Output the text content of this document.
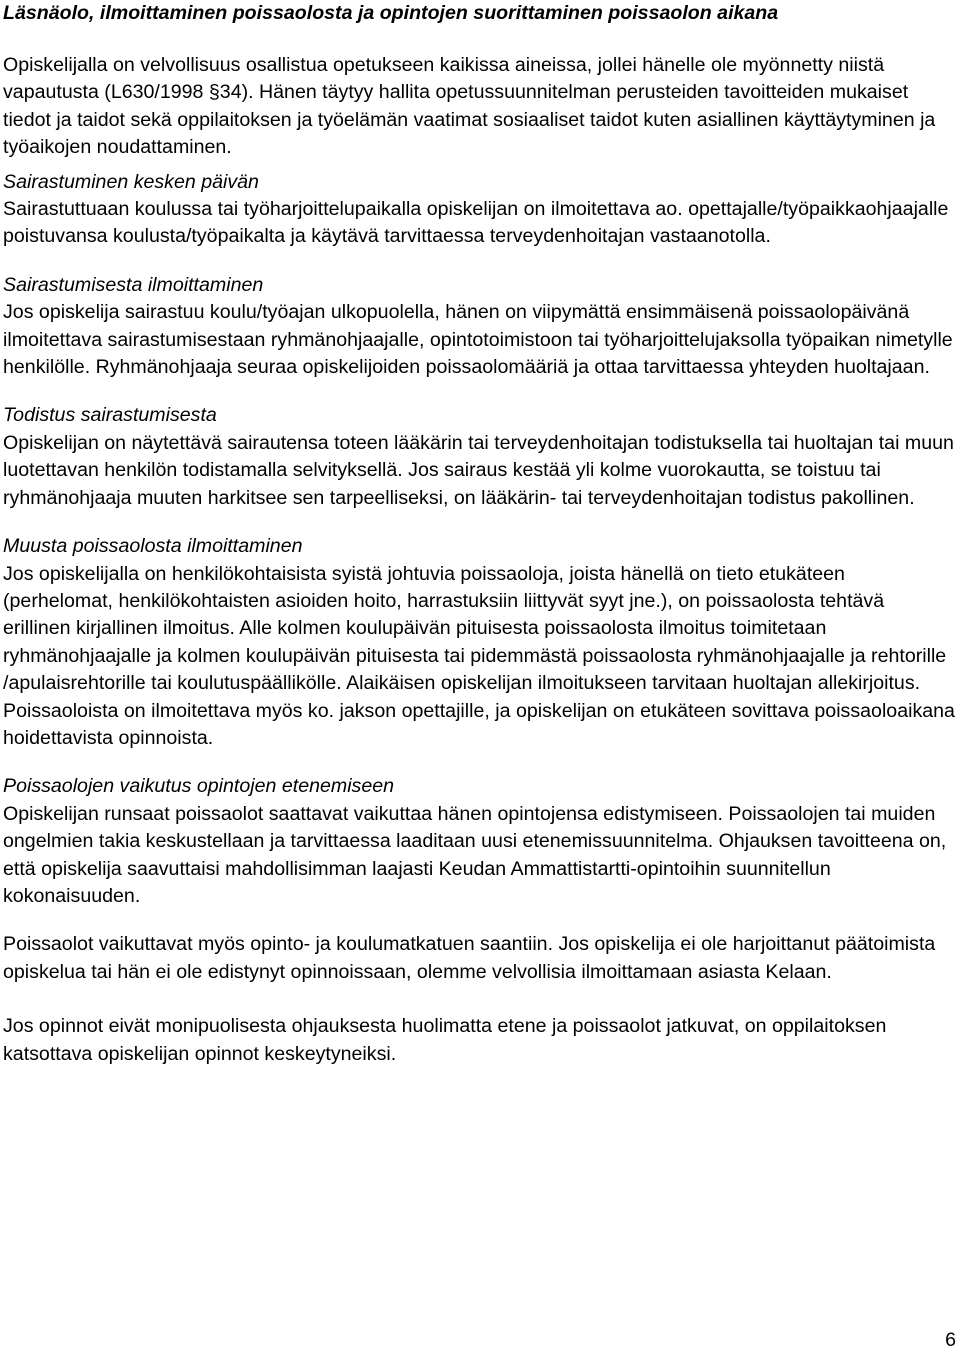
Läsnäolo, ilmoittaminen poissaolosta ja opintojen suorittaminen poissaolon aikana

Opiskelijalla on velvollisuus osallistua opetukseen kaikissa aineissa, jollei hänelle ole myönnetty niistä vapautusta (L630/1998 §34). Hänen täytyy hallita opetussuunnitelman perusteiden tavoitteiden mukaiset tiedot ja taidot sekä oppilaitoksen ja työelämän vaatimat sosiaaliset taidot kuten asiallinen käyttäytyminen ja työaikojen noudattaminen.

Sairastuminen kesken päivän

Sairastuttuaan koulussa tai työharjoittelupaikalla opiskelijan on ilmoitettava ao. opettajalle/työpaikkaohjaajalle poistuvansa koulusta/työpaikalta ja käytävä tarvittaessa terveydenhoitajan vastaanotolla.

Sairastumisesta ilmoittaminen

Jos opiskelija sairastuu koulu/työajan ulkopuolella, hänen on viipymättä ensimmäisenä poissaolopäivänä ilmoitettava sairastumisestaan ryhmänohjaajalle, opintotoimistoon tai työharjoittelujaksolla työpaikan nimetylle henkilölle. Ryhmänohjaaja seuraa opiskelijoiden poissaolomääriä ja ottaa tarvittaessa yhteyden huoltajaan.

Todistus sairastumisesta

Opiskelijan on näytettävä sairautensa toteen lääkärin tai terveydenhoitajan todistuksella tai huoltajan tai muun luotettavan henkilön todistamalla selvityksellä. Jos sairaus kestää yli kolme vuorokautta, se toistuu tai ryhmänohjaaja muuten harkitsee sen tarpeelliseksi, on lääkärin- tai terveydenhoitajan todistus pakollinen.

Muusta poissaolosta ilmoittaminen

Jos opiskelijalla on henkilökohtaisista syistä johtuvia poissaoloja, joista hänellä on tieto etukäteen (perhelomat, henkilökohtaisten asioiden hoito, harrastuksiin liittyvät syyt jne.), on poissaolosta tehtävä erillinen kirjallinen ilmoitus. Alle kolmen koulupäivän pituisesta poissaolosta ilmoitus toimitetaan ryhmänohjaajalle ja kolmen koulupäivän pituisesta tai pidemmästä poissaolosta ryhmänohjaajalle ja rehtorille /apulaisrehtorille tai koulutuspäällikölle. Alaikäisen opiskelijan ilmoitukseen tarvitaan huoltajan allekirjoitus. Poissaoloista on ilmoitettava myös ko. jakson opettajille, ja opiskelijan on etukäteen sovittava poissaoloaikana hoidettavista opinnoista.

Poissaolojen vaikutus opintojen etenemiseen

Opiskelijan runsaat poissaolot saattavat vaikuttaa hänen opintojensa edistymiseen. Poissaolojen tai muiden ongelmien takia keskustellaan ja tarvittaessa laaditaan uusi etenemissuunnitelma. Ohjauksen tavoitteena on, että opiskelija saavuttaisi mahdollisimman laajasti Keudan Ammattistartti-opintoihin suunnitellun kokonaisuuden.

Poissaolot vaikuttavat myös opinto- ja koulumatkatuen saantiin. Jos opiskelija ei ole harjoittanut päätoimista opiskelua tai hän ei ole edistynyt opinnoissaan, olemme velvollisia ilmoittamaan asiasta Kelaan.

Jos opinnot eivät monipuolisesta ohjauksesta huolimatta etene ja poissaolot jatkuvat, on oppilaitoksen katsottava opiskelijan opinnot keskeytyneiksi.

6
